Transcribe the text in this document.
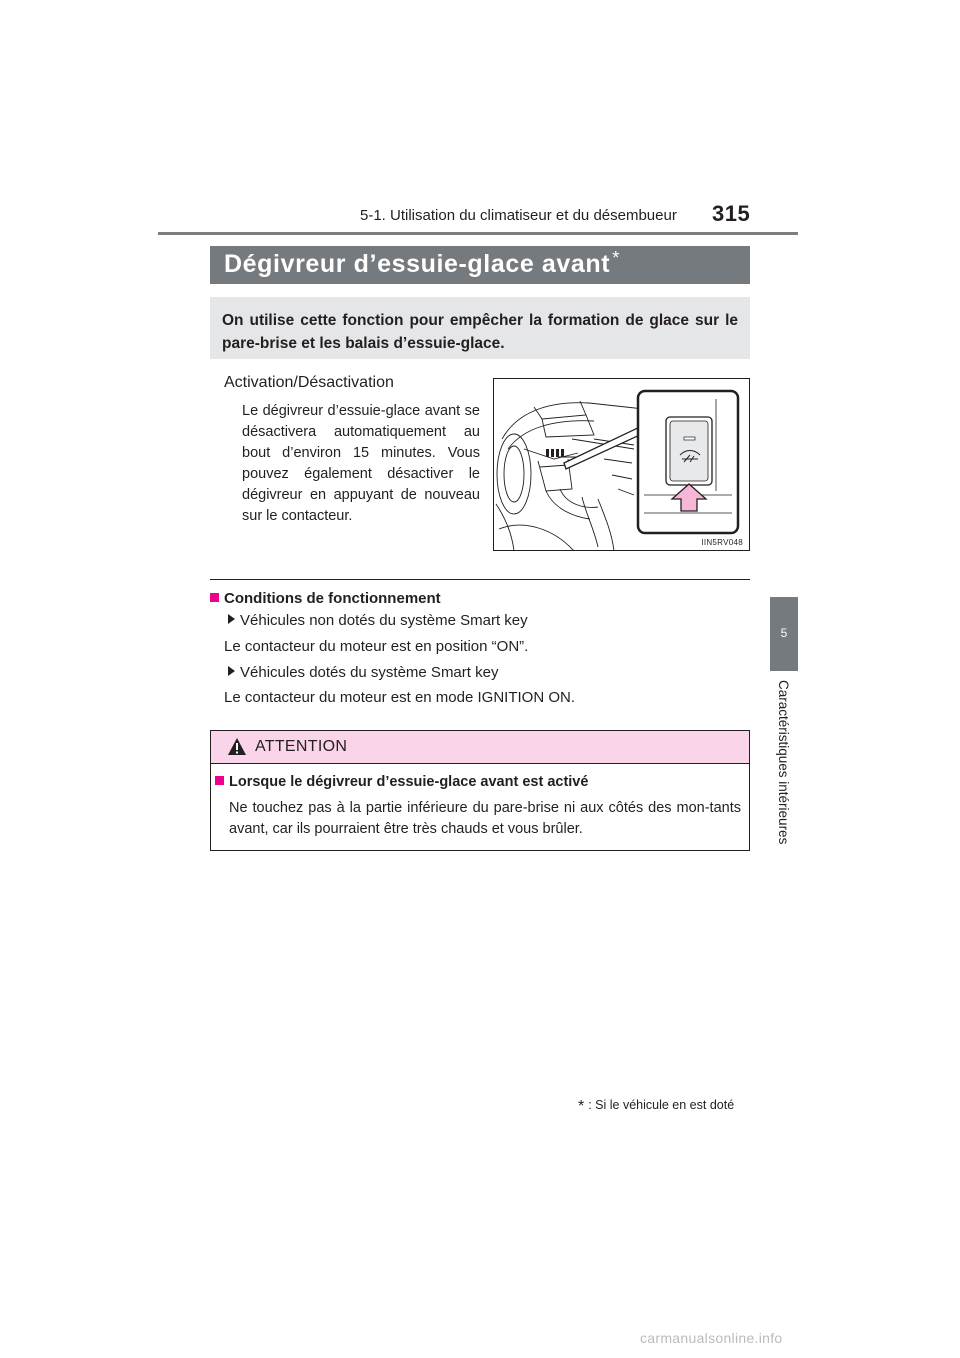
5-1. Utilisation du climatiseur et du désembueur 315
Dégivreur d’essuie-glace avant *
On utilise cette fonction pour empêcher la formation de glace sur le pare-brise et les balais d’essuie-glace.
Activation/Désactivation
Le dégivreur d’essuie-glace avant se désactivera automatiquement au bout d’environ 15 minutes. Vous pouvez également désactiver le dégivreur en appuyant de nouveau sur le contacteur.
IIN5RV048
Conditions de fonctionnement
Véhicules non dotés du système Smart key
Le contacteur du moteur est en position “ON”.
Véhicules dotés du système Smart key
Le contacteur du moteur est en mode IGNITION ON.
ATTENTION
Lorsque le dégivreur d’essuie-glace avant est activé
Ne touchez pas à la partie inférieure du pare-brise ni aux côtés des mon-tants avant, car ils pourraient être très chauds et vous brûler.
5
Caractéristiques intérieures
* : Si le véhicule en est doté
carmanualsonline.info
